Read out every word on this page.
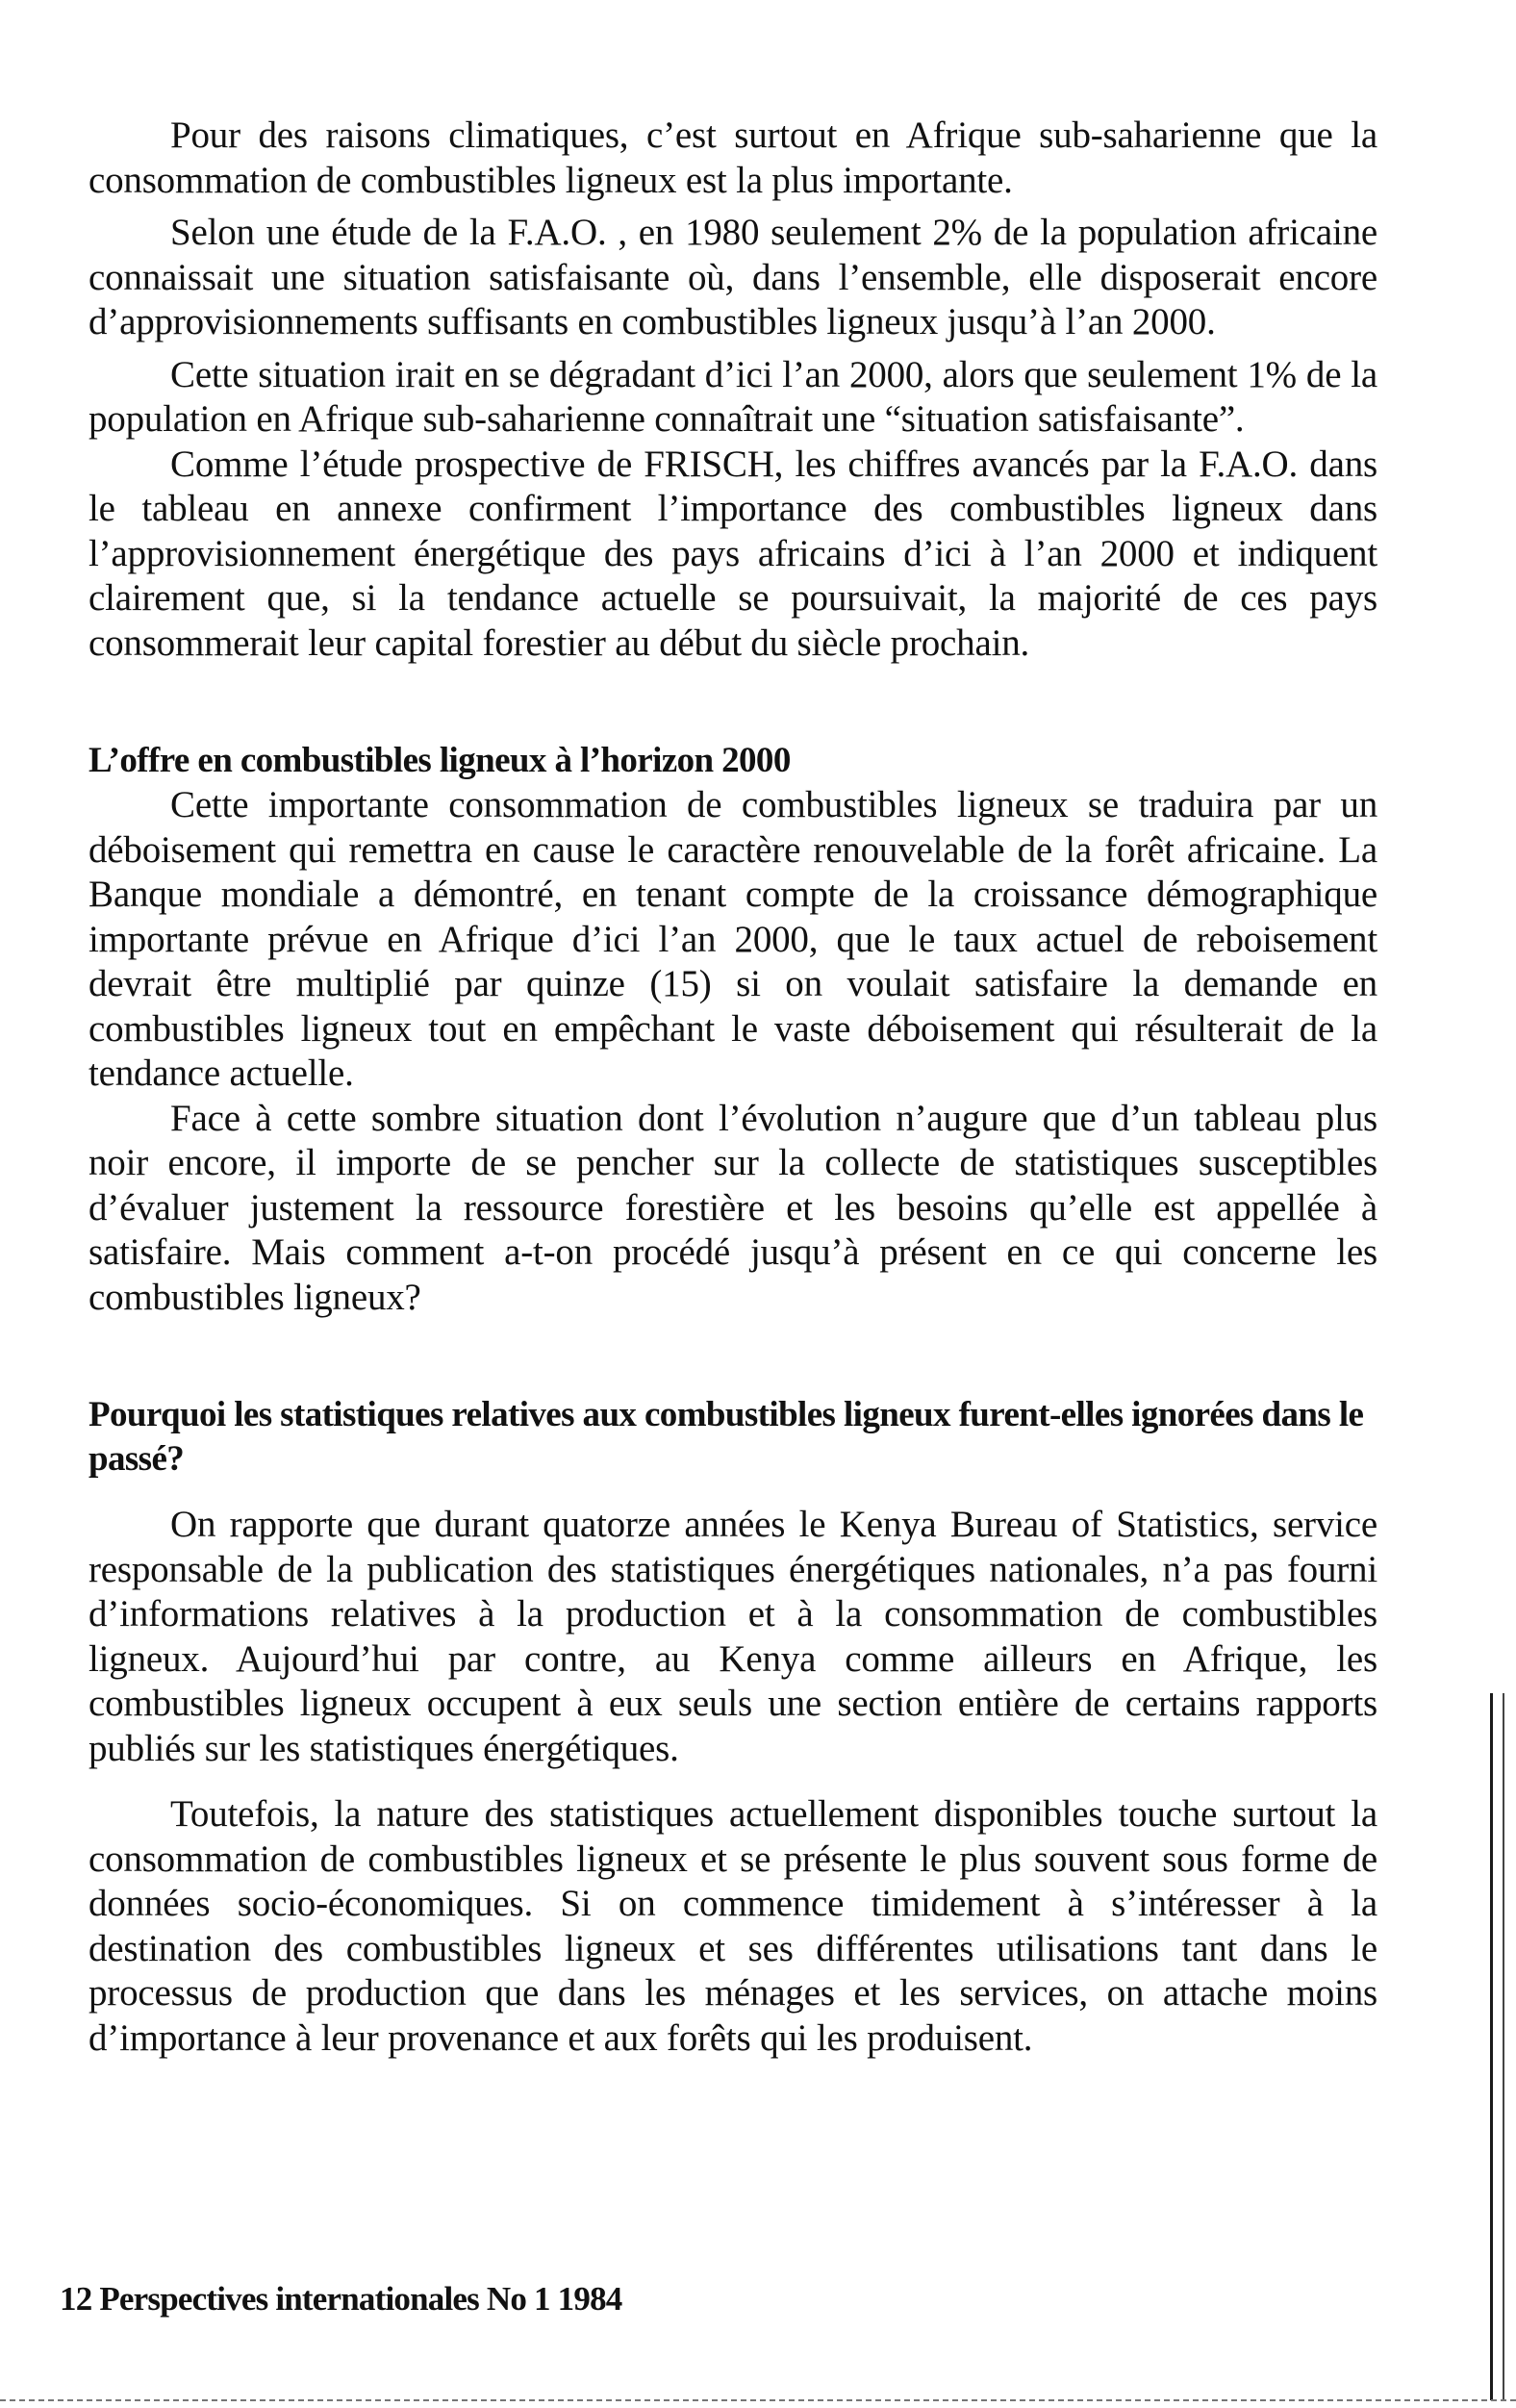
Pour des raisons climatiques, c’est surtout en Afrique sub-saharienne que la consommation de combustibles ligneux est la plus importante.

Selon une étude de la F.A.O. , en 1980 seulement 2% de la population africaine connaissait une situation satisfaisante où, dans l’ensemble, elle disposerait encore d’approvisionnements suffisants en combustibles ligneux jusqu’à l’an 2000.

Cette situation irait en se dégradant d’ici l’an 2000, alors que seulement 1% de la population en Afrique sub-saharienne connaîtrait une “situation satisfaisante”.

Comme l’étude prospective de FRISCH, les chiffres avancés par la F.A.O. dans le tableau en annexe confirment l’importance des combustibles ligneux dans l’approvisionnement énergétique des pays africains d’ici à l’an 2000 et indiquent clairement que, si la tendance actuelle se poursuivait, la majorité de ces pays consommerait leur capital forestier au début du siècle prochain.

L’offre en combustibles ligneux à l’horizon 2000

Cette importante consommation de combustibles ligneux se traduira par un déboisement qui remettra en cause le caractère renouvelable de la forêt africaine. La Banque mondiale a démontré, en tenant compte de la croissance démographique importante prévue en Afrique d’ici l’an 2000, que le taux actuel de reboisement devrait être multiplié par quinze (15) si on voulait satisfaire la demande en combustibles ligneux tout en empêchant le vaste déboisement qui résulterait de la tendance actuelle.

Face à cette sombre situation dont l’évolution n’augure que d’un tableau plus noir encore, il importe de se pencher sur la collecte de statistiques susceptibles d’évaluer justement la ressource forestière et les besoins qu’elle est appellée à satisfaire. Mais comment a-t-on procédé jusqu’à présent en ce qui concerne les combustibles ligneux?

Pourquoi les statistiques relatives aux combustibles ligneux furent-elles ignorées dans le passé?

On rapporte que durant quatorze années le Kenya Bureau of Statistics, service responsable de la publication des statistiques énergétiques nationales, n’a pas fourni d’informations relatives à la production et à la consommation de combustibles ligneux. Aujourd’hui par contre, au Kenya comme ailleurs en Afrique, les combustibles ligneux occupent à eux seuls une section entière de certains rapports publiés sur les statistiques énergétiques.

Toutefois, la nature des statistiques actuellement disponibles touche surtout la consommation de combustibles ligneux et se présente le plus souvent sous forme de données socio-économiques. Si on commence timidement à s’intéresser à la destination des combustibles ligneux et ses différentes utilisations tant dans le processus de production que dans les ménages et les services, on attache moins d’importance à leur provenance et aux forêts qui les produisent.

12 Perspectives internationales No 1 1984
